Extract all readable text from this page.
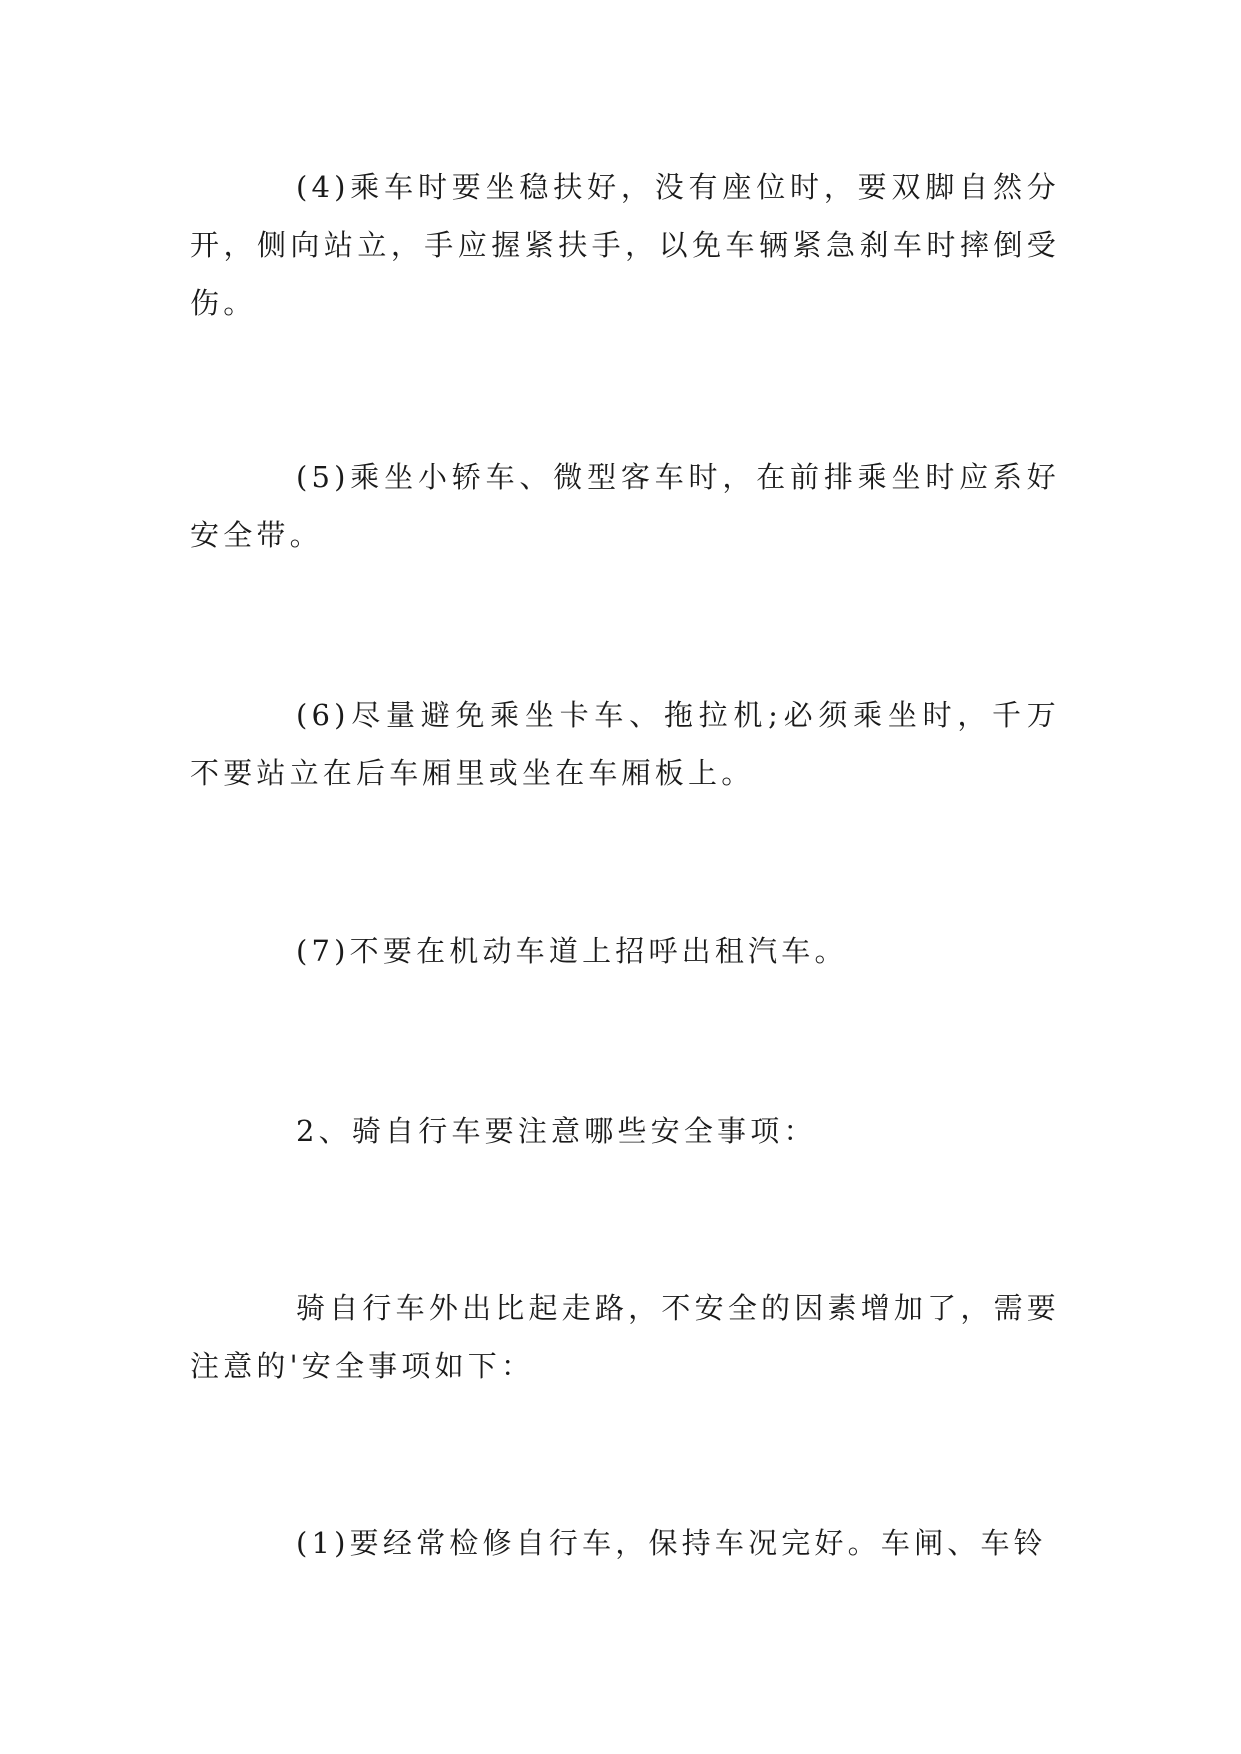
(4)乘车时要坐稳扶好，没有座位时，要双脚自然分开，侧向站立，手应握紧扶手，以免车辆紧急刹车时摔倒受伤。

(5)乘坐小轿车、微型客车时，在前排乘坐时应系好安全带。

(6)尽量避免乘坐卡车、拖拉机;必须乘坐时，千万不要站立在后车厢里或坐在车厢板上。

(7)不要在机动车道上招呼出租汽车。

2、骑自行车要注意哪些安全事项：

骑自行车外出比起走路，不安全的因素增加了，需要注意的'安全事项如下：

(1)要经常检修自行车，保持车况完好。车闸、车铃
